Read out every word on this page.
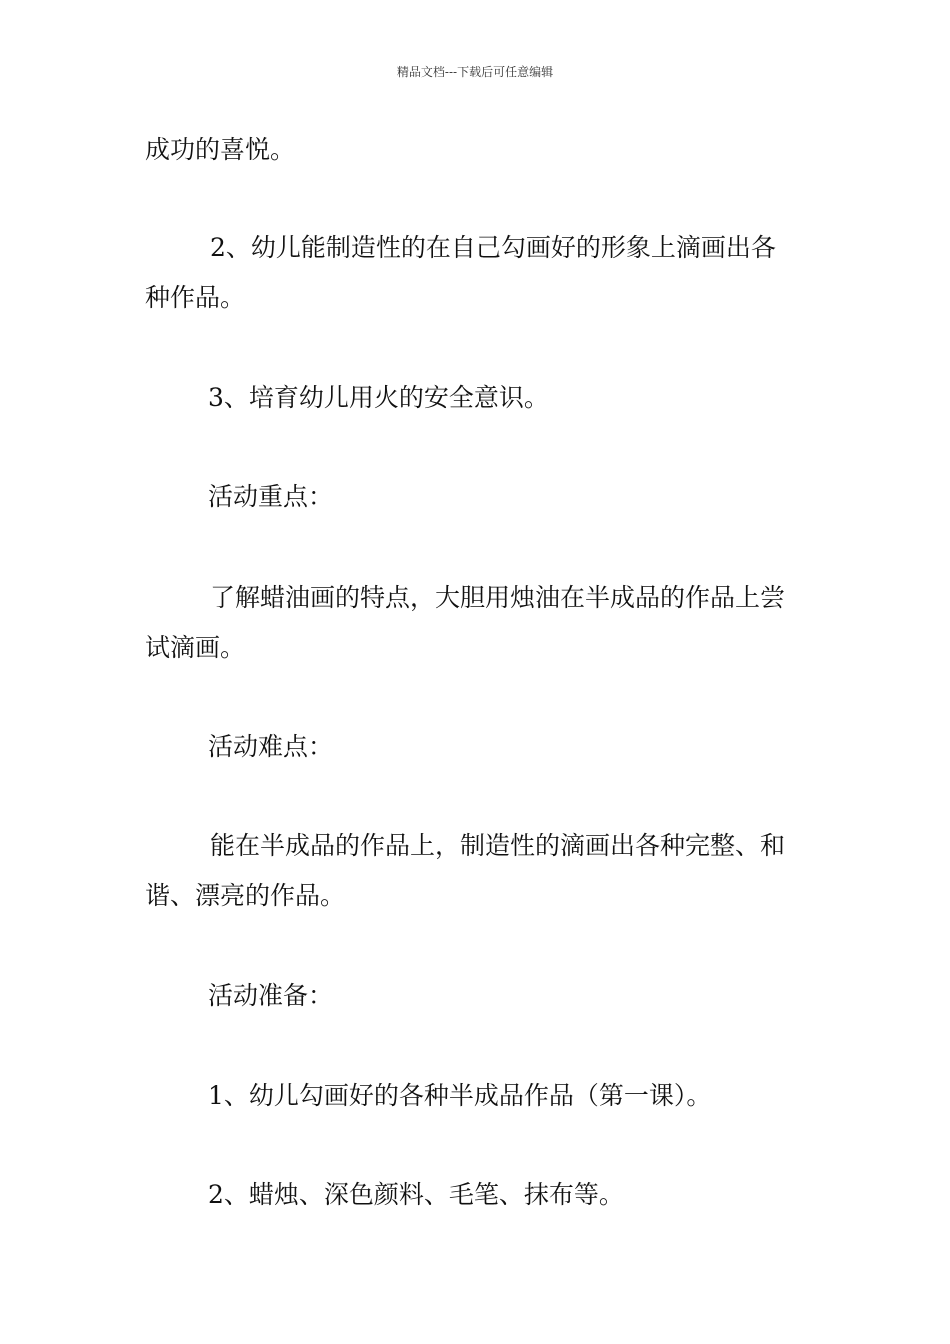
精品文档---下载后可任意编辑
成功的喜悦。
2、幼儿能制造性的在自己勾画好的形象上滴画出各
种作品。
3、培育幼儿用火的安全意识。
活动重点：
了解蜡油画的特点，大胆用烛油在半成品的作品上尝
试滴画。
活动难点：
能在半成品的作品上，制造性的滴画出各种完整、和
谐、漂亮的作品。
活动准备：
1、幼儿勾画好的各种半成品作品（第一课）。
2、蜡烛、深色颜料、毛笔、抹布等。
